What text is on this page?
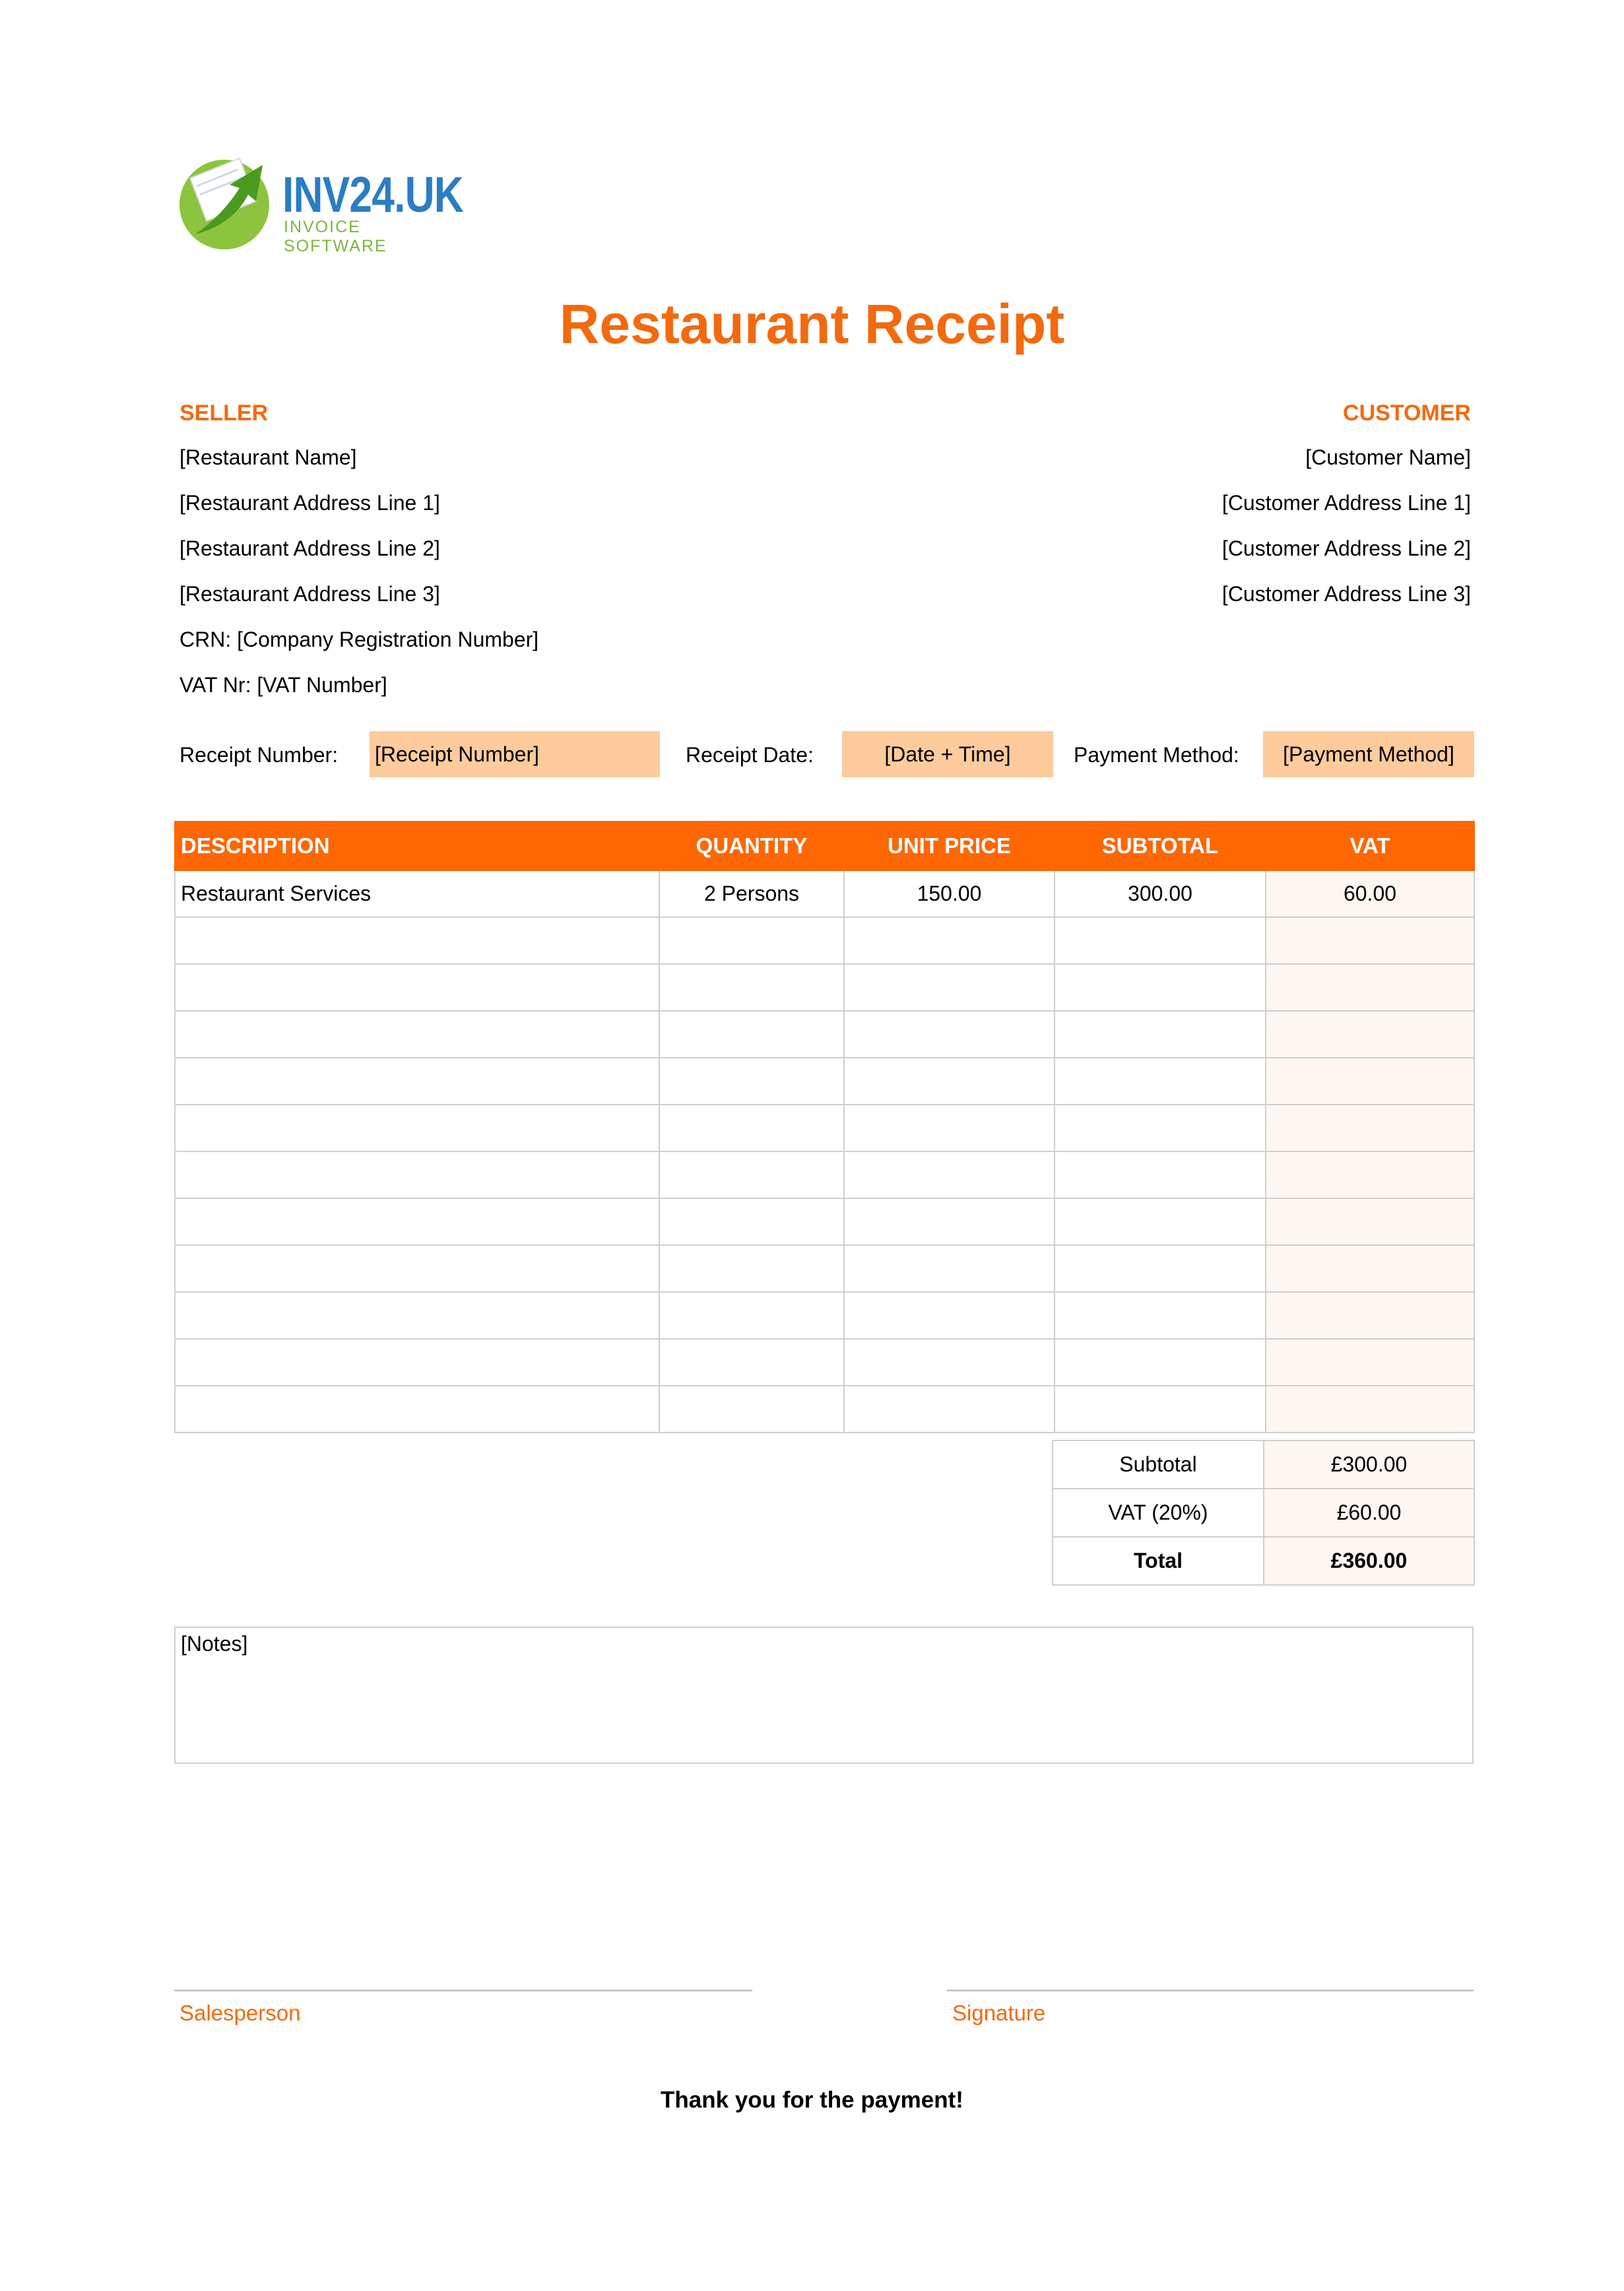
INV24.UK
INVOICE SOFTWARE
Restaurant Receipt
SELLER
[Restaurant Name]
[Restaurant Address Line 1]
[Restaurant Address Line 2]
[Restaurant Address Line 3]
CRN: [Company Registration Number]
VAT Nr: [VAT Number]
CUSTOMER
[Customer Name]
[Customer Address Line 1]
[Customer Address Line 2]
[Customer Address Line 3]
Receipt Number: [Receipt Number]	Receipt Date:	[Date + Time]	Payment Method:	[Payment Method]
DESCRIPTION	QUANTITY	UNIT PRICE	SUBTOTAL	VAT
Restaurant Services	2 Persons	150.00	300.00	60.00

Subtotal	£300.00
VAT (20%)	£60.00
Total	£360.00
[Notes]
Salesperson	Signature
Thank you for the payment!
